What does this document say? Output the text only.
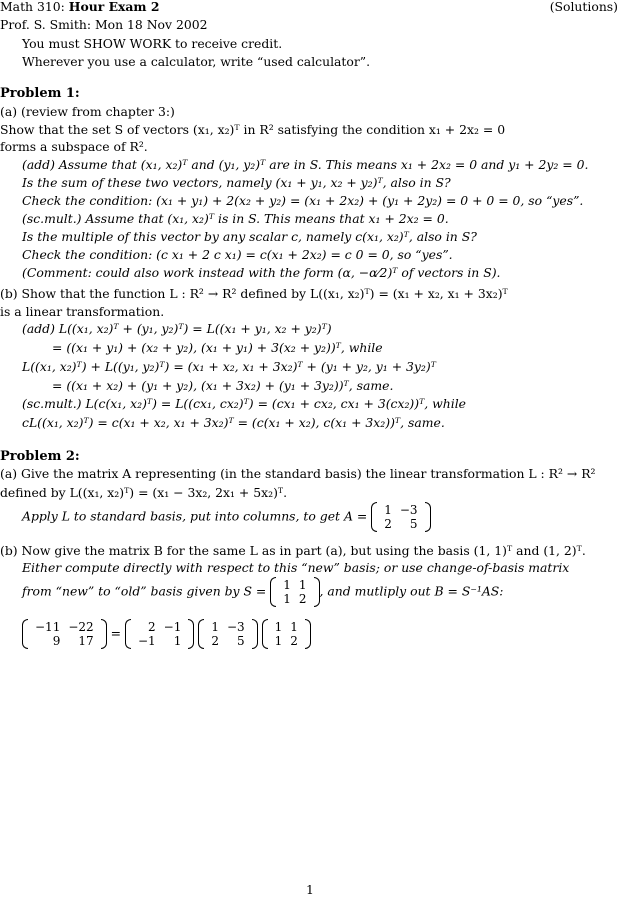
Math 310: Hour Exam 2	(Solutions)
Prof. S. Smith: Mon 18 Nov 2002
You must SHOW WORK to receive credit.
Wherever you use a calculator, write “used calculator”.
Problem 1:
(a) (review from chapter 3:)
Show that the set S of vectors (x₁, x₂)ᵀ in R² satisfying the condition x₁ + 2x₂ = 0
forms a subspace of R².
(add) Assume that (x₁, x₂)ᵀ and (y₁, y₂)ᵀ are in S. This means x₁ + 2x₂ = 0 and y₁ + 2y₂ = 0.
Is the sum of these two vectors, namely (x₁ + y₁, x₂ + y₂)ᵀ, also in S?
Check the condition: (x₁ + y₁) + 2(x₂ + y₂) = (x₁ + 2x₂) + (y₁ + 2y₂) = 0 + 0 = 0, so “yes”.
(sc.mult.) Assume that (x₁, x₂)ᵀ is in S. This means that x₁ + 2x₂ = 0.
Is the multiple of this vector by any scalar c, namely c(x₁, x₂)ᵀ, also in S?
Check the condition: (c x₁ + 2 c x₁) = c(x₁ + 2x₂) = c 0 = 0, so “yes”.
(Comment: could also work instead with the form (α, −α⁄2)ᵀ of vectors in S).
(b) Show that the function L : R² → R² defined by L((x₁, x₂)ᵀ) = (x₁ + x₂, x₁ + 3x₂)ᵀ
is a linear transformation.
(add) L((x₁, x₂)ᵀ + (y₁, y₂)ᵀ) = L((x₁ + y₁, x₂ + y₂)ᵀ)
= ((x₁ + y₁) + (x₂ + y₂), (x₁ + y₁) + 3(x₂ + y₂))ᵀ, while
L((x₁, x₂)ᵀ) + L((y₁, y₂)ᵀ) = (x₁ + x₂, x₁ + 3x₂)ᵀ + (y₁ + y₂, y₁ + 3y₂)ᵀ
= ((x₁ + x₂) + (y₁ + y₂), (x₁ + 3x₂) + (y₁ + 3y₂))ᵀ, same.
(sc.mult.) L(c(x₁, x₂)ᵀ) = L((cx₁, cx₂)ᵀ) = (cx₁ + cx₂, cx₁ + 3(cx₂))ᵀ, while
cL((x₁, x₂)ᵀ) = c(x₁ + x₂, x₁ + 3x₂)ᵀ = (c(x₁ + x₂), c(x₁ + 3x₂))ᵀ, same.
Problem 2:
(a) Give the matrix A representing (in the standard basis) the linear transformation L : R² → R²
defined by L((x₁, x₂)ᵀ) = (x₁ − 3x₂, 2x₁ + 5x₂)ᵀ.
Apply L to standard basis, put into columns, to get A = 1	−3
2	5
(b) Now give the matrix B for the same L as in part (a), but using the basis (1, 1)ᵀ and (1, 2)ᵀ.
Either compute directly with respect to this “new” basis; or use change-of-basis matrix
from “new” to “old” basis given by S = 1	1
1	2
, and mutliply out B = S⁻¹AS:
−11	−22
9	17
= 2	−1
−1	1

1	−3
2	5

1	1
1	2
1
